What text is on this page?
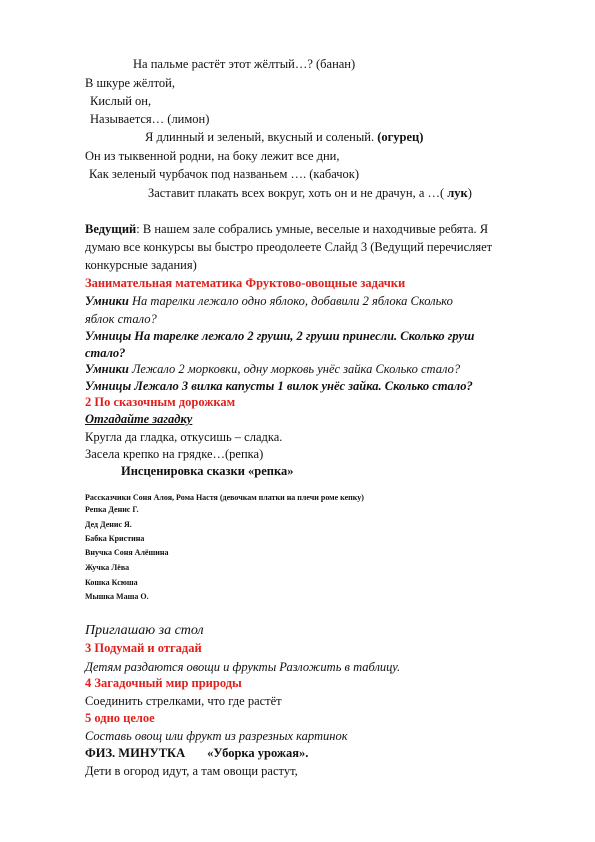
На пальме растёт этот жёлтый…? (банан)
В шкуре жёлтой,
Кислый он,
Называется… (лимон)
Я длинный и зеленый, вкусный и соленый. (огурец)
Он из тыквенной родни, на боку лежит все дни,
Как зеленый чурбачок под названьем …. (кабачок)
Заставит плакать всех вокруг, хоть он и не драчун, а …( лук)
Ведущий: В нашем зале собрались умные, веселые и находчивые ребята. Я
думаю все конкурсы вы быстро преодолеете Слайд 3 (Ведущий перечисляет
конкурсные задания)
Занимательная математика Фруктово-овощные задачки
Умники На тарелки лежало одно яблоко, добавили 2 яблока Сколько
яблок стало?
Умницы На тарелке лежало 2 груши, 2 груши принесли. Сколько груш
стало?
Умники Лежало 2 морковки, одну морковь унёс зайка Сколько стало?
Умницы Лежало 3 вилка капусты 1 вилок унёс зайка. Сколько стало?
2 По сказочным дорожкам
Отгадайте загадку
Кругла да гладка, откусишь – сладка.
Засела крепко на грядке…(репка)
Инсценировка сказки «репка»
Рассказчики Соня Алоя, Рома Настя (девочкам платки на плечи роме кепку)
Репка Денис Г.
Дед Денис Я.
Бабка Кристина
Внучка Соня Алёшина
Жучка Лёва
Кошка Ксюша
Мышка Маша О.
Приглашаю за стол
3 Подумай и отгадай
Детям раздаются овощи и фрукты Разложить в таблицу.
4 Загадочный мир природы
Соединить стрелками, что где растёт
5 одно целое
Составь овощ или фрукт из разрезных картинок
ФИЗ. МИНУТКА «Уборка урожая».
Дети в огород идут, а там овощи растут,
